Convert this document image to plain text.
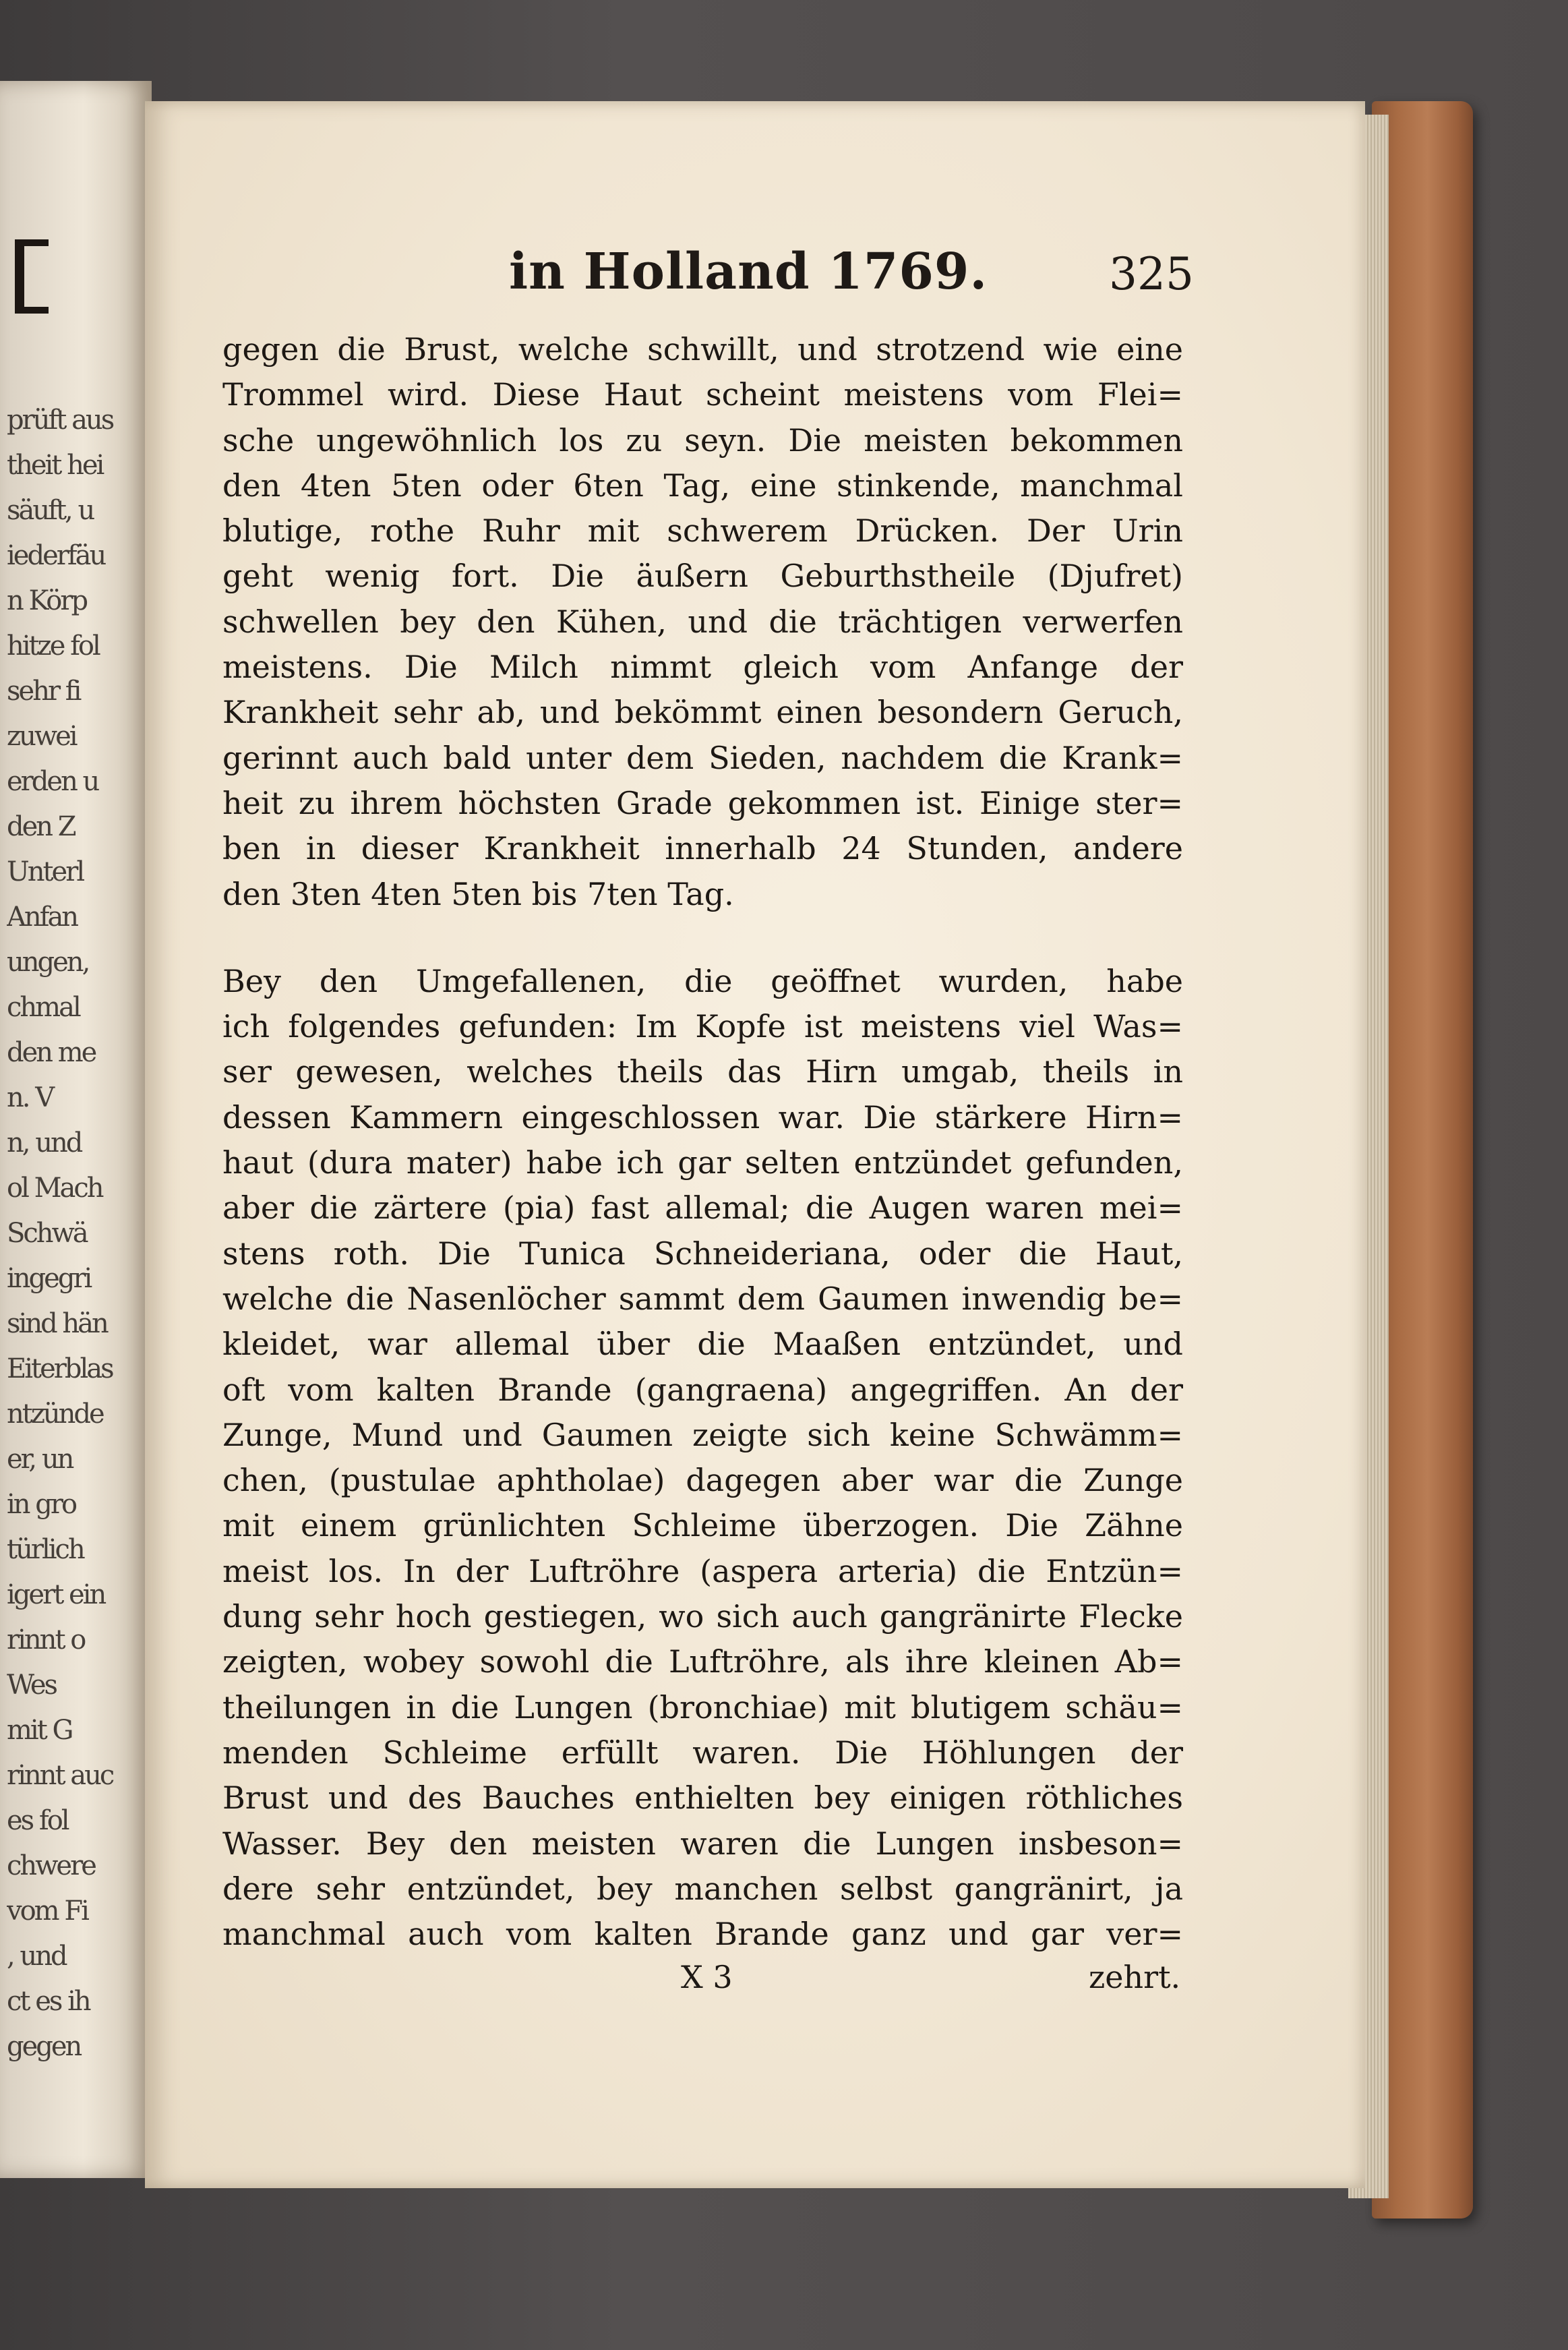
prüft aus
theit hei
säuft, u
iederfäu
n Körp
hitze fol
sehr fi
zuwei
erden u
den Z
Unterl
Anfan
ungen,
chmal
den me
n. V
n, und
ol Mach
Schwä
ingegri
sind hän
Eiterblas
ntzünde
er, un
in gro
türlich
igert ein
rinnt o
Wes
mit G
rinnt auc
es fol
chwere
vom Fi
, und
ct es ih
gegen
in Holland 1769.	325
gegen die Brust, welche schwillt, und strotzend wie eine
Trommel wird. Diese Haut scheint meistens vom Flei=
sche ungewöhnlich los zu seyn. Die meisten bekommen
den 4ten 5ten oder 6ten Tag, eine stinkende, manchmal
blutige, rothe Ruhr mit schwerem Drücken. Der Urin
geht wenig fort. Die äußern Geburthstheile (Djufret)
schwellen bey den Kühen, und die trächtigen verwerfen
meistens. Die Milch nimmt gleich vom Anfange der
Krankheit sehr ab, und bekömmt einen besondern Geruch,
gerinnt auch bald unter dem Sieden, nachdem die Krank=
heit zu ihrem höchsten Grade gekommen ist. Einige ster=
ben in dieser Krankheit innerhalb 24 Stunden, andere
den 3ten 4ten 5ten bis 7ten Tag.
Bey den Umgefallenen, die geöffnet wurden, habe
ich folgendes gefunden: Im Kopfe ist meistens viel Was=
ser gewesen, welches theils das Hirn umgab, theils in
dessen Kammern eingeschlossen war. Die stärkere Hirn=
haut (dura mater) habe ich gar selten entzündet gefunden,
aber die zärtere (pia) fast allemal; die Augen waren mei=
stens roth. Die Tunica Schneideriana, oder die Haut,
welche die Nasenlöcher sammt dem Gaumen inwendig be=
kleidet, war allemal über die Maaßen entzündet, und
oft vom kalten Brande (gangraena) angegriffen. An der
Zunge, Mund und Gaumen zeigte sich keine Schwämm=
chen, (pustulae aphtholae) dagegen aber war die Zunge
mit einem grünlichten Schleime überzogen. Die Zähne
meist los. In der Luftröhre (aspera arteria) die Entzün=
dung sehr hoch gestiegen, wo sich auch gangränirte Flecke
zeigten, wobey sowohl die Luftröhre, als ihre kleinen Ab=
theilungen in die Lungen (bronchiae) mit blutigem schäu=
menden Schleime erfüllt waren. Die Höhlungen der
Brust und des Bauches enthielten bey einigen röthliches
Wasser. Bey den meisten waren die Lungen insbeson=
dere sehr entzündet, bey manchen selbst gangränirt, ja
manchmal auch vom kalten Brande ganz und gar ver=
X 3	zehrt.
